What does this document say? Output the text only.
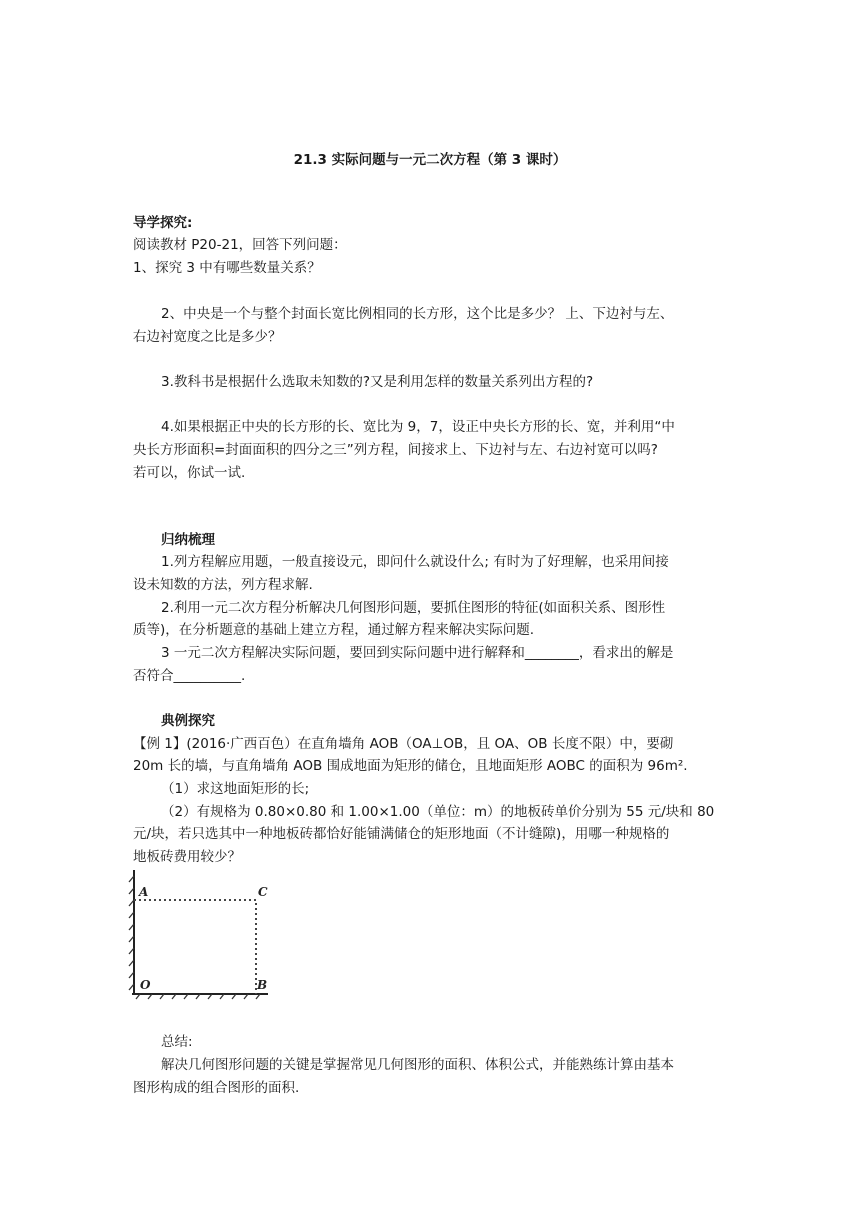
21.3 实际问题与一元二次方程（第 3 课时）
导学探究:
阅读教材 P20-21，回答下列问题：
1、探究 3 中有哪些数量关系？
2、中央是一个与整个封面长宽比例相同的长方形，这个比是多少？ 上、下边衬与左、
右边衬宽度之比是多少？
3.教科书是根据什么选取未知数的?又是利用怎样的数量关系列出方程的?
4.如果根据正中央的长方形的长、宽比为 9，7，设正中央长方形的长、宽，并利用“中
央长方形面积=封面面积的四分之三”列方程，间接求上、下边衬与左、右边衬宽可以吗?
若可以，你试一试.
归纳梳理
1.列方程解应用题，一般直接设元，即问什么就设什么; 有时为了好理解，也采用间接
设未知数的方法，列方程求解.
2.利用一元二次方程分析解决几何图形问题，要抓住图形的特征(如面积关系、图形性
质等)，在分析题意的基础上建立方程，通过解方程来解决实际问题.
3 一元二次方程解决实际问题，要回到实际问题中进行解释和________，看求出的解是
否符合__________.
典例探究
【例 1】(2016·广西百色）在直角墙角 AOB（OA⊥OB，且 OA、OB 长度不限）中，要砌
20m 长的墙，与直角墙角 AOB 围成地面为矩形的储仓，且地面矩形 AOBC 的面积为 96m².
（1）求这地面矩形的长;
（2）有规格为 0.80×0.80 和 1.00×1.00（单位：m）的地板砖单价分别为 55 元/块和 80
元/块，若只选其中一种地板砖都恰好能铺满储仓的矩形地面（不计缝隙)，用哪一种规格的
地板砖费用较少？
A	C
O	B
总结:
解决几何图形问题的关键是掌握常见几何图形的面积、体积公式，并能熟练计算由基本
图形构成的组合图形的面积.
